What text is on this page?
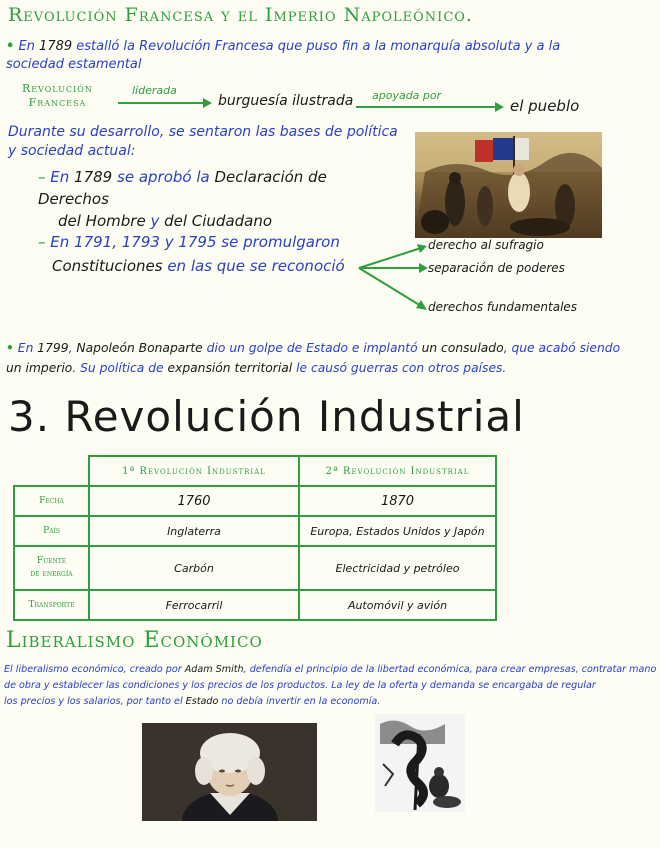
Revolución Francesa y el Imperio Napoleónico.
• En 1789 estalló la Revolución Francesa que puso fin a la monarquía absoluta y a la
sociedad estamental
Revolución
Francesa
liderada
burguesía ilustrada apoyada por
el pueblo
Durante su desarrollo, se sentaron las bases de política
y sociedad actual:
– En 1789 se aprobó la Declaración de Derechos
del Hombre y del Ciudadano
– En 1791, 1793 y 1795 se promulgaron
Constituciones en las que se reconoció
derecho al sufragio
separación de poderes
derechos fundamentales
• En 1799, Napoleón Bonaparte dio un golpe de Estado e implantó un consulado, que acabó siendo
un imperio. Su política de expansión territorial le causó guerras con otros países.
3. Revolución Industrial
	1ª Revolución Industrial	2ª Revolución Industrial
Fecha	1760	1870
País	Inglaterra	Europa, Estados Unidos y Japón

Fuente
de energía	Carbón	Electricidad y petróleo
Transporte	Ferrocarril	Automóvil y avión
Liberalismo Económico
El liberalismo económico, creado por Adam Smith, defendía el principio de la libertad económica, para crear empresas, contratar mano
de obra y establecer las condiciones y los precios de los productos. La ley de la oferta y demanda se encargaba de regular
los precios y los salarios, por tanto el Estado no debía invertir en la economía.
